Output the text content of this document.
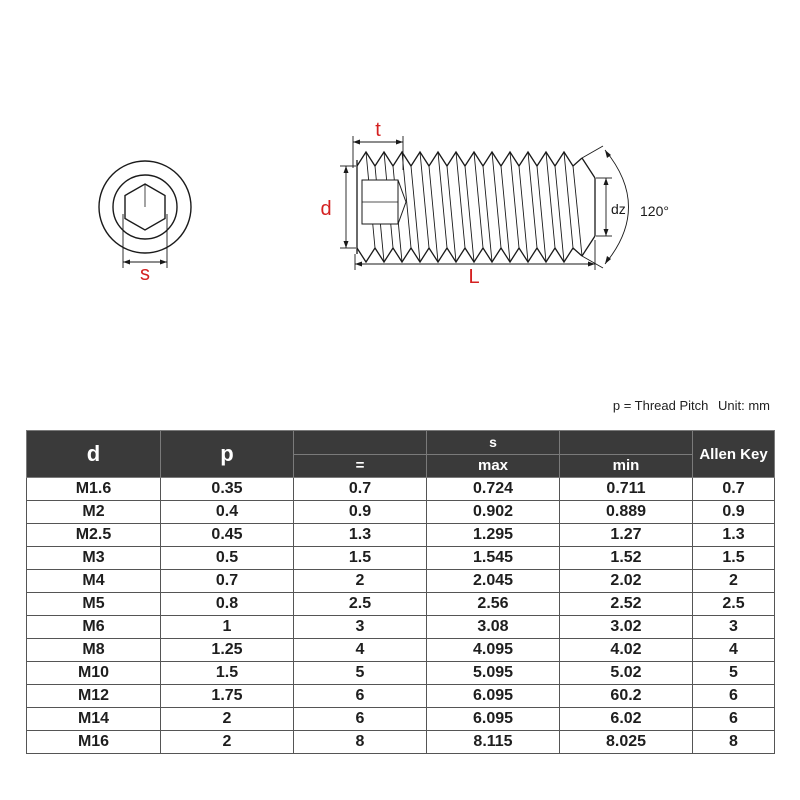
s
t
d
L
dz 120°
p = Thread Pitch Unit: mm
d	p		s		Allen Key
		=	max	min	
M1.6	0.35	0.7	0.724	0.711	0.7
M2	0.4	0.9	0.902	0.889	0.9
M2.5	0.45	1.3	1.295	1.27	1.3
M3	0.5	1.5	1.545	1.52	1.5
M4	0.7	2	2.045	2.02	2
M5	0.8	2.5	2.56	2.52	2.5
M6	1	3	3.08	3.02	3
M8	1.25	4	4.095	4.02	4
M10	1.5	5	5.095	5.02	5
M12	1.75	6	6.095	60.2	6
M14	2	6	6.095	6.02	6
M16	2	8	8.115	8.025	8
